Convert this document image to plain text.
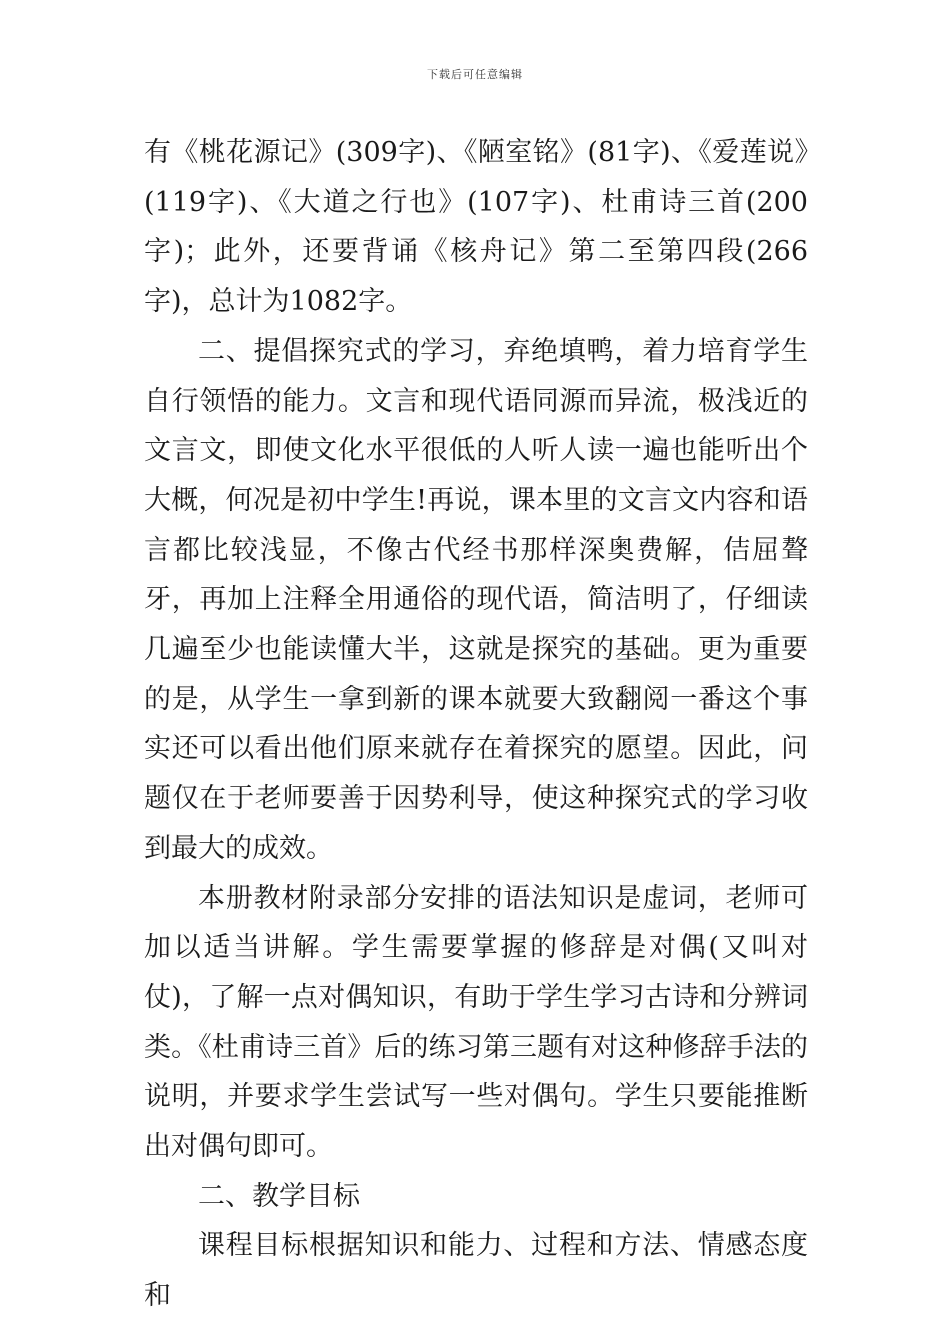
下载后可任意编辑

有《桃花源记》(309字)、《陋室铭》(81字)、《爱莲说》(119字)、《大道之行也》(107字)、杜甫诗三首(200字)；此外，还要背诵《核舟记》第二至第四段(266字)，总计为1082字。

二、提倡探究式的学习，弃绝填鸭，着力培育学生自行领悟的能力。文言和现代语同源而异流，极浅近的文言文，即使文化水平很低的人听人读一遍也能听出个大概，何况是初中学生!再说，课本里的文言文内容和语言都比较浅显，不像古代经书那样深奥费解，佶屈聱牙，再加上注释全用通俗的现代语，简洁明了，仔细读几遍至少也能读懂大半，这就是探究的基础。更为重要的是，从学生一拿到新的课本就要大致翻阅一番这个事实还可以看出他们原来就存在着探究的愿望。因此，问题仅在于老师要善于因势利导，使这种探究式的学习收到最大的成效。

本册教材附录部分安排的语法知识是虚词，老师可加以适当讲解。学生需要掌握的修辞是对偶(又叫对仗)，了解一点对偶知识，有助于学生学习古诗和分辨词类。《杜甫诗三首》后的练习第三题有对这种修辞手法的说明，并要求学生尝试写一些对偶句。学生只要能推断出对偶句即可。

二、教学目标

课程目标根据知识和能力、过程和方法、情感态度和
